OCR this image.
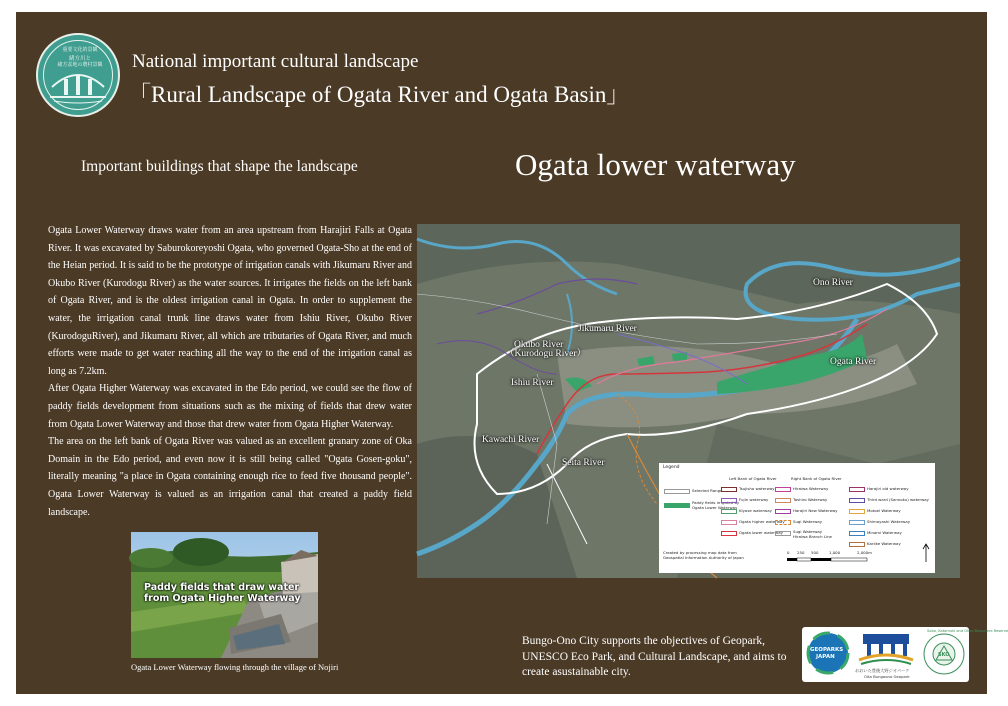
重要文化的景観
緒方川と
緒方盆地の農村景観	National important cultural landscape
「Rural Landscape of Ogata River and Ogata Basin」
Important buildings that shape the landscape	Ogata lower waterway

Ogata Lower Waterway draws water from an area upstream from Harajiri Falls at Ogata River. It was excavated by Saburokoreyoshi Ogata, who governed Ogata-Sho at the end of the Heian period. It is said to be the prototype of irrigation canals with Jikumaru River and Okubo River (Kurodogu River) as the water sources. It irrigates the fields on the left bank of Ogata River, and is the oldest irrigation canal in Ogata. In order to supplement the water, the irrigation canal trunk line draws water from Ishiu River, Okubo River (KurodoguRiver), and Jikumaru River, all which are tributaries of Ogata River, and much efforts were made to get water reaching all the way to the end of the irrigation canal as long as 7.2km.

After Ogata Higher Waterway was excavated in the Edo period, we could see the flow of paddy fields development from situations such as the mixing of fields that drew water from Ogata Lower Waterway and those that drew water from Ogata Higher Waterway.

The area on the left bank of Ogata River was valued as an excellent granary zone of Oka Domain in the Edo period, and even now it is still being called "Ogata Gosen-goku", literally meaning "a place in Ogata containing enough rice to feed five thousand people". Ogata Lower Waterway is valued as an irrigation canal that created a paddy field landscape.

Paddy fields that draw water
from Ogata Higher Waterway
Ogata Lower Waterway flowing through the village of Nojiri
Ono River
Jikumaru River
Okubo River
（Kurodogu River）
Ishiu River
Ogata River
Kawachi River
Seita River	Legend
Left Bank of Ogata River	Right Bank of Ogata River
Selected Range
Paddy fields irrigated by
Ogata Lower Waterway
Tsujisho waterway
Fujin waterway
Kiyose waterway
Ogata higher waterway
Ogata lower waterway
Hiraiwa Waterway
Tashiro Waterway
Harajiri New Waterway
Sugi Waterway
Sugi Waterway
Hiraiwa Branch Line
Harajiri old waterway
Third ward (Sannoku) waterway
Motoei Waterway
Shimoyashi Waterway
Minami Waterway
Kariike Waterway
Created by processing map data from
Geospatial Information Authority of Japan
0 250 500	1,000	2,000m
Bungo-Ono City supports the objectives of Geopark, UNESCO Eco Park, and Cultural Landscape, and aims to create asustainable city.
GEOPARKS
JAPAN
おおいた豊後大野ジオパーク
Oita Bungoono Geopark
Sobo, Katamuki and Okue Biosphere Reserve
SKO
